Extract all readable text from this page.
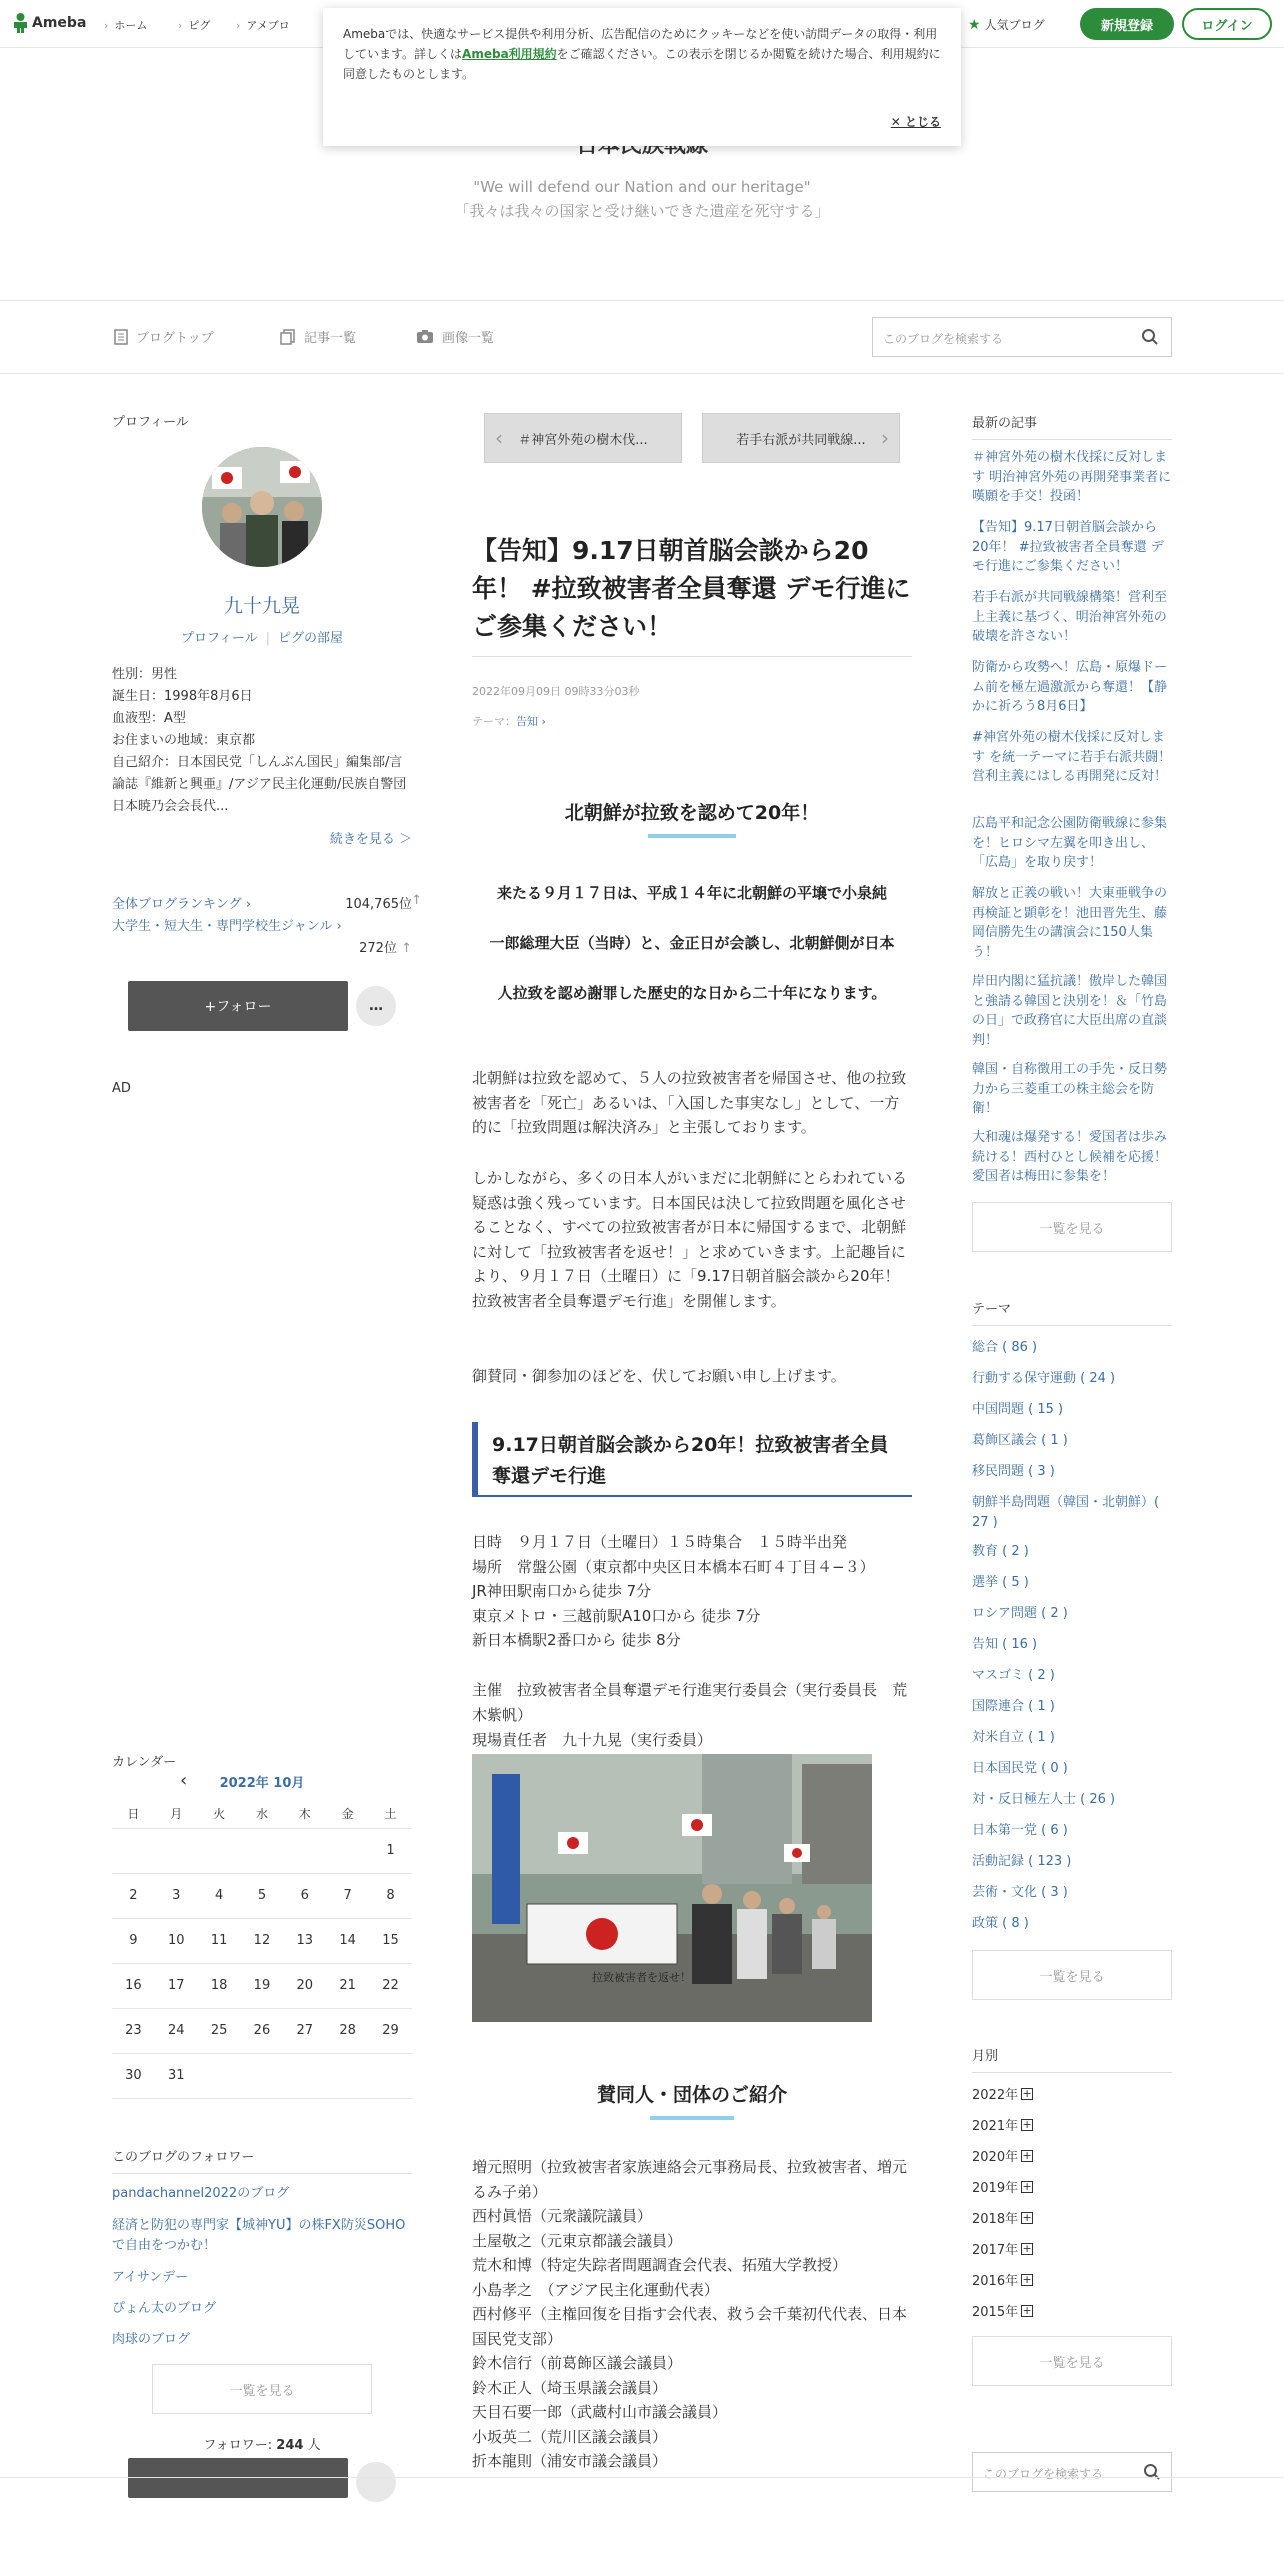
Ameba	› ホーム	› ピグ	› アメブロ	★ 人気ブログ	新規登録	ログイン
Amebaでは、快適なサービス提供や利用分析、広告配信のためにクッキーなどを使い訪問データの取得・利用しています。詳しくはAmeba利用規約をご確認ください。この表示を閉じるか閲覧を続けた場合、利用規約に同意したものとします。
✕ とじる
"We will defend our Nation and our heritage"
「我々は我々の国家と受け継いできた遺産を死守する」
ブログトップ	記事一覧	画像一覧	このブログを検索する
プロフィール
九十九晃
プロフィール | ピグの部屋
性別：男性
誕生日：1998年8月6日
血液型：A型
お住まいの地域：東京都
自己紹介：日本国民党「しんぶん国民」編集部/言論誌『維新と興亜』/アジア民主化運動/民族自警団日本暁乃会会長代...
続きを見る ＞
全体ブログランキング ›	104,765位 ↑
大学生・短大生・専門学校生ジャンル ›
272位 ↑
+フォロー	…
AD
カレンダー
‹	2022年 10月
日	月	火	水	木	金	土
						1
2	3	4	5	6	7	8
9	10	11	12	13	14	15
16	17	18	19	20	21	22
23	24	25	26	27	28	29
30	31					
このブログのフォロワー
pandachannel2022のブログ
経済と防犯の専門家【城神YU】の株FX防災SOHOで自由をつかむ！
アイサンデー
ぴょん太のブログ
肉球のブログ
一覧を見る
フォロワー: 244 人
‹ ＃神宮外苑の樹木伐...	若手右派が共同戦線... ›
【告知】9.17日朝首脳会談から20年！ #拉致被害者全員奪還 デモ行進にご参集ください！
2022年09月09日 09時33分03秒
テーマ：告知 ›
北朝鮮が拉致を認めて20年！

来たる９月１７日は、平成１４年に北朝鮮の平壌で小泉純

一郎総理大臣（当時）と、金正日が会談し、北朝鮮側が日本

人拉致を認め謝罪した歴史的な日から二十年になります。

北朝鮮は拉致を認めて、５人の拉致被害者を帰国させ、他の拉致被害者を「死亡」あるいは、「入国した事実なし」として、一方的に「拉致問題は解決済み」と主張しております。

しかしながら、多くの日本人がいまだに北朝鮮にとらわれている疑惑は強く残っています。日本国民は決して拉致問題を風化させることなく、すべての拉致被害者が日本に帰国するまで、北朝鮮に対して「拉致被害者を返せ！」と求めていきます。上記趣旨により、９月１７日（土曜日）に「9.17日朝首脳会談から20年！拉致被害者全員奪還デモ行進」を開催します。

御賛同・御参加のほどを、伏してお願い申し上げます。

9.17日朝首脳会談から20年！拉致被害者全員奪還デモ行進
日時　９月１７日（土曜日）１５時集合　１５時半出発
場所　常盤公園（東京都中央区日本橋本石町４丁目４−３）
JR神田駅南口から徒歩 7分
東京メトロ・三越前駅A10口から 徒歩 7分
新日本橋駅2番口から 徒歩 8分
主催　拉致被害者全員奪還デモ行進実行委員会（実行委員長　荒木紫帆）
現場責任者　九十九晃（実行委員）
拉致被害者を返せ！
賛同人・団体のご紹介
増元照明（拉致被害者家族連絡会元事務局長、拉致被害者、増元るみ子弟）
西村眞悟（元衆議院議員）
土屋敬之（元東京都議会議員）
荒木和博（特定失踪者問題調査会代表、拓殖大学教授）
小島孝之　（アジア民主化運動代表）
西村修平（主権回復を目指す会代表、救う会千葉初代代表、日本国民党支部）
鈴木信行（前葛飾区議会議員）
鈴木正人（埼玉県議会議員）
天目石要一郎（武蔵村山市議会議員）
小坂英二（荒川区議会議員）
折本龍則（浦安市議会議員）
最新の記事
＃神宮外苑の樹木伐採に反対します 明治神宮外苑の再開発事業者に嘆願を手交！投函！
【告知】9.17日朝首脳会談から20年！ #拉致被害者全員奪還 デモ行進にご参集ください！
若手右派が共同戦線構築！営利至上主義に基づく、明治神宮外苑の破壊を許さない！
防衛から攻勢へ！広島・原爆ドーム前を極左過激派から奪還！【静かに祈ろう8月6日】
#神宮外苑の樹木伐採に反対します を統一テーマに若手右派共闘！営利主義にはしる再開発に反対！
広島平和記念公園防衛戦線に参集を！ヒロシマ左翼を叩き出し、「広島」を取り戻す！
解放と正義の戦い！大東亜戦争の再検証と顕彰を！池田晋先生、藤岡信勝先生の講演会に150人集う！
岸田内閣に猛抗議！傲岸した韓国と強請る韓国と決別を！＆「竹島の日」で政務官に大臣出席の直談判！
韓国・自称徴用工の手先・反日勢力から三菱重工の株主総会を防衛！
大和魂は爆発する！愛国者は歩み続ける！西村ひとし候補を応援！愛国者は梅田に参集を！
一覧を見る
テーマ
総合 ( 86 )
行動する保守運動 ( 24 )
中国問題 ( 15 )
葛飾区議会 ( 1 )
移民問題 ( 3 )
朝鮮半島問題（韓国・北朝鮮）( 27 )
教育 ( 2 )
選挙 ( 5 )
ロシア問題 ( 2 )
告知 ( 16 )
マスゴミ ( 2 )
国際連合 ( 1 )
対米自立 ( 1 )
日本国民党 ( 0 )
対・反日極左人士 ( 26 )
日本第一党 ( 6 )
活動記録 ( 123 )
芸術・文化 ( 3 )
政策 ( 8 )
一覧を見る
月別
2022年 +
2021年 +
2020年 +
2019年 +
2018年 +
2017年 +
2016年 +
2015年 +
一覧を見る
このブログを検索する
